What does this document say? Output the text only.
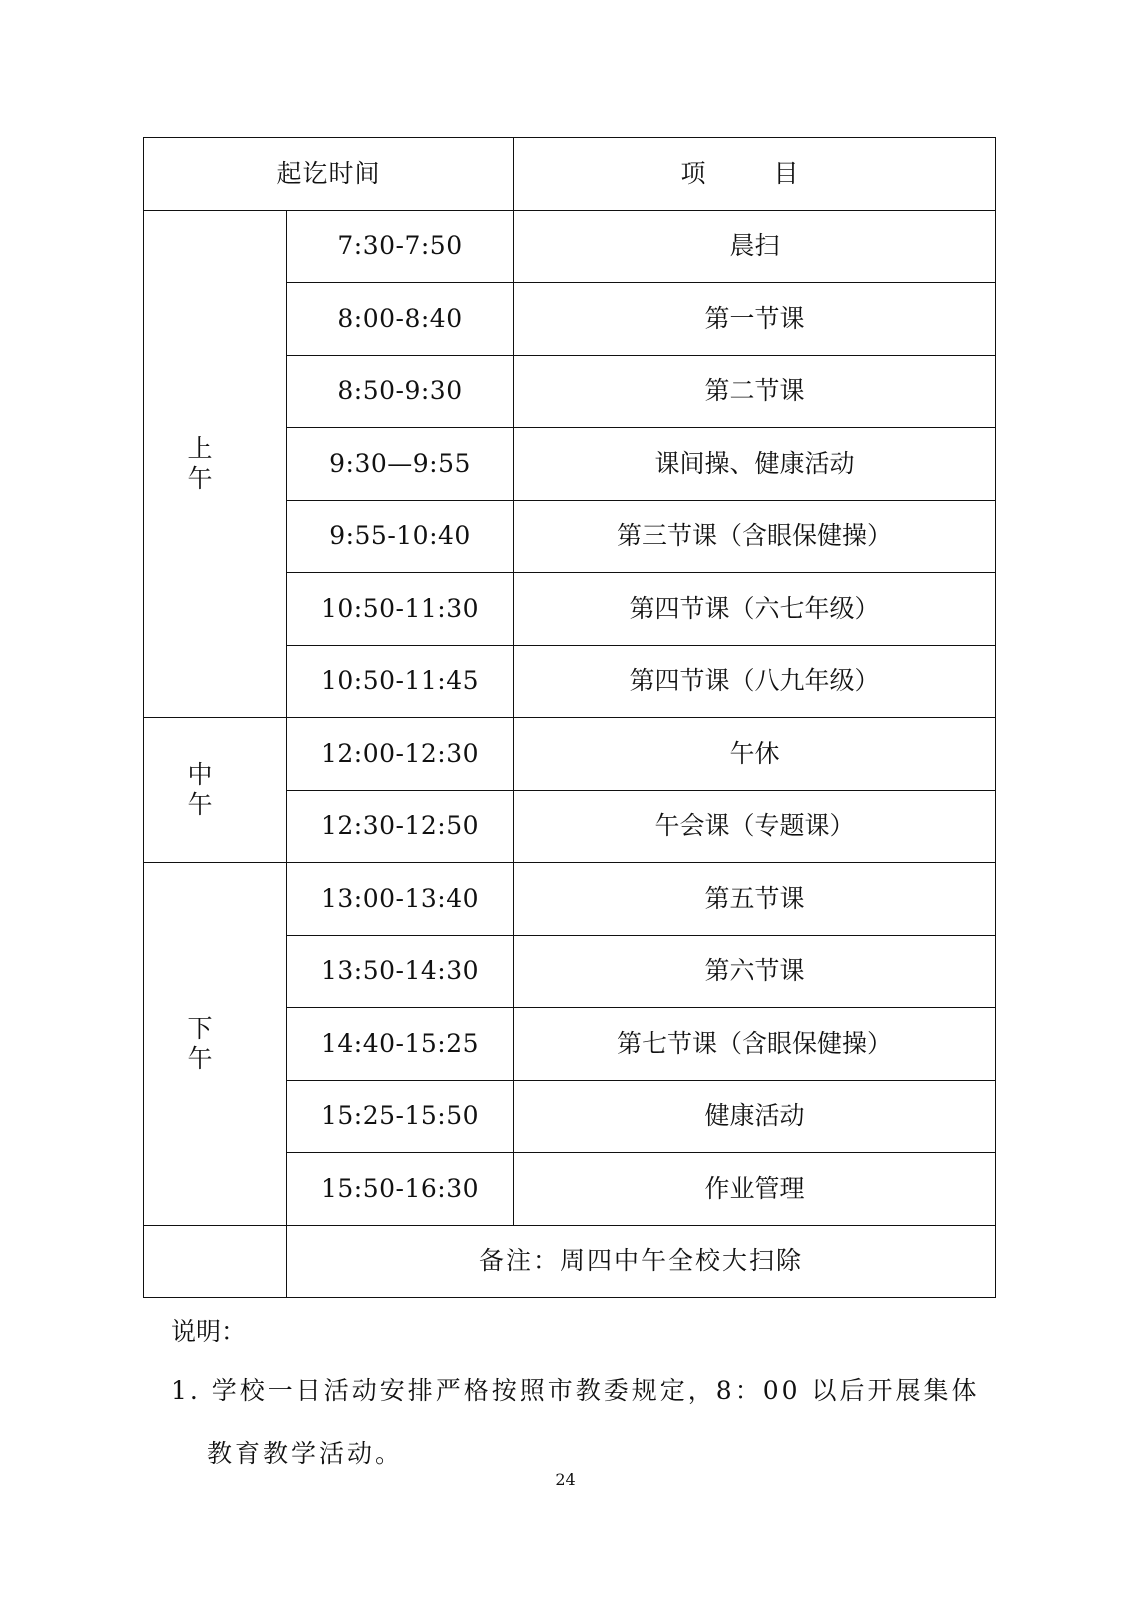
起讫时间		项 目
上 午	7:30-7:50	晨扫
	8:00-8:40	第一节课
	8:50-9:30	第二节课
	9:30—9:55	课间操、健康活动
	9:55-10:40	第三节课（含眼保健操）
	10:50-11:30	第四节课（六七年级）
	10:50-11:45	第四节课（八九年级）
中 午	12:00-12:30	午休
	12:30-12:50	午会课（专题课）
下 午	13:00-13:40	第五节课
	13:50-14:30	第六节课
	14:40-15:25	第七节课（含眼保健操）
	15:25-15:50	健康活动
	15:50-16:30	作业管理
	备注：周四中午全校大扫除	

说明：

1. 学校一日活动安排严格按照市教委规定，8：00 以后开展集体

教育教学活动。

24
